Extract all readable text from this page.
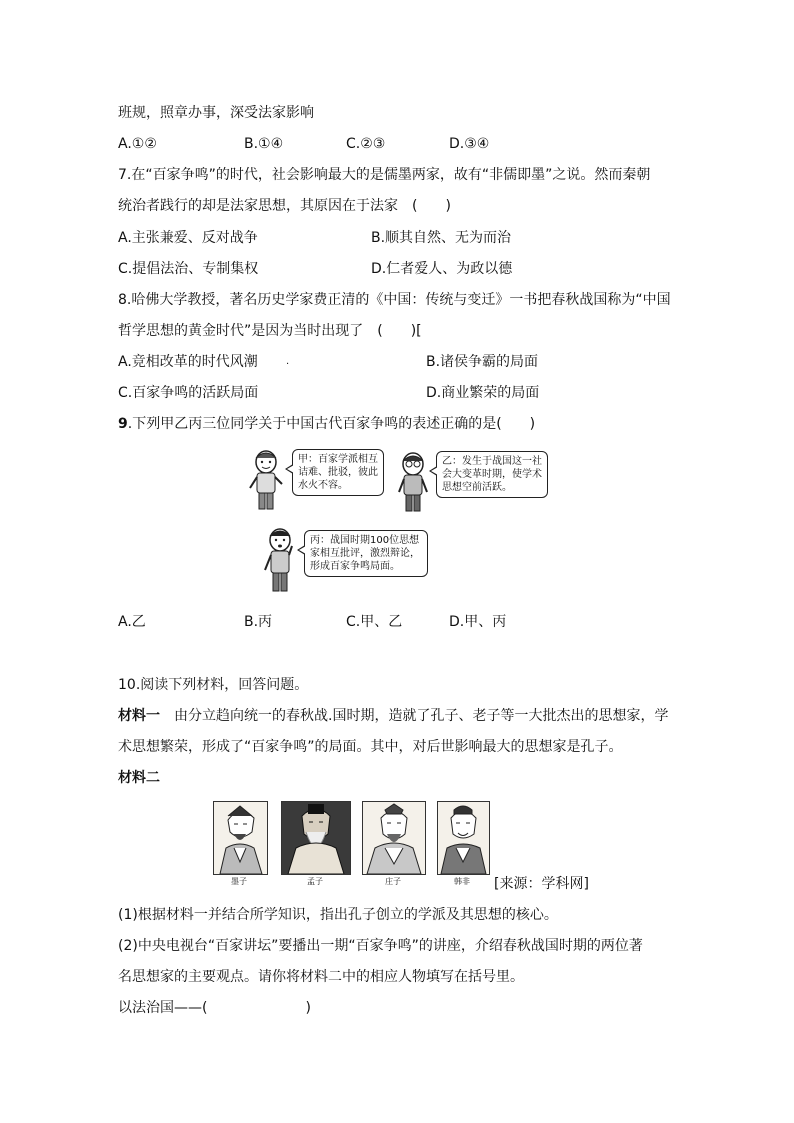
班规，照章办事，深受法家影响
A.①②	B.①④	C.②③	D.③④
7.在“百家争鸣”的时代，社会影响最大的是儒墨两家，故有“非儒即墨”之说。然而秦朝
统治者践行的却是法家思想，其原因在于法家　(　　)
A.主张兼爱、反对战争	B.顺其自然、无为而治
C.提倡法治、专制集权	D.仁者爱人、为政以德
8.哈佛大学教授，著名历史学家费正清的《中国：传统与变迁》一书把春秋战国称为“中国
哲学思想的黄金时代”是因为当时出现了　(　　)[
A.竞相改革的时代风潮	.	B.诸侯争霸的局面
C.百家争鸣的活跃局面	D.商业繁荣的局面
9.下列甲乙丙三位同学关于中国古代百家争鸣的表述正确的是(　　)
甲：百家学派相互诘难、批驳，彼此水火不容。
乙：发生于战国这一社会大变革时期，使学术思想空前活跃。
丙：战国时期100位思想家相互批评，激烈辩论，形成百家争鸣局面。
A.乙	B.丙	C.甲、乙	D.甲、丙
10.阅读下列材料，回答问题。
材料一　由分立趋向统一的春秋战.国时期，造就了孔子、老子等一大批杰出的思想家，学
术思想繁荣，形成了“百家争鸣”的局面。其中，对后世影响最大的思想家是孔子。
材料二
墨子	孟子	庄子	韩非	[来源：学科网]
(1)根据材料一并结合所学知识，指出孔子创立的学派及其思想的核心。
(2)中央电视台“百家讲坛”要播出一期“百家争鸣”的讲座，介绍春秋战国时期的两位著
名思想家的主要观点。请你将材料二中的相应人物填写在括号里。
以法治国——(　　　　　　　)
